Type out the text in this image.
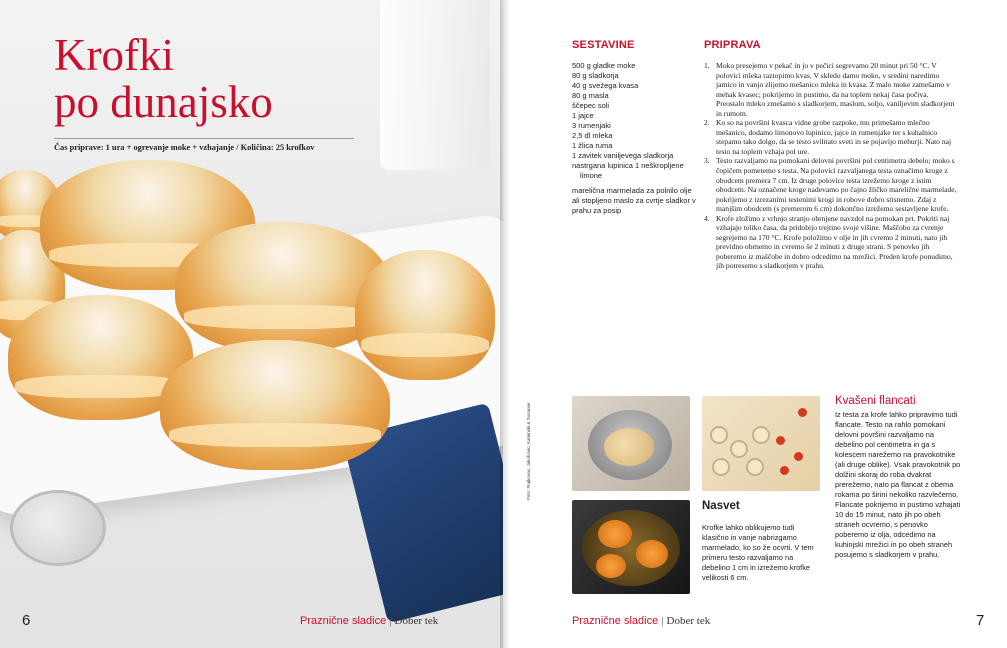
Krofki
po dunajsko
Čas priprave: 1 ura + ogrevanje moke + vzhajanje / Količina: 25 krofkov
6	Praznične sladice | Dober tek
SESTAVINE
500 g gladke moke
80 g sladkorja
40 g svežega kvasa
80 g masla
ščepec soli
1 jajce
3 rumenjaki
2,5 dl mleka
1 žlica ruma
1 zavitek vaniljevega sladkorja
nastrgana lupinica 1 neškropljene
limone

marelična marmelada za polnilo olje ali stopljeno maslo za cvrtje sladkor v prahu za posip

PRIPRAVA
1. Moko presejemo v pekač in jo v pečici segrevamo 20 minut pri 50 °C. V polovici mleka raztopimo kvas. V skledo damo moko, v sredini naredimo jamico in vanjo zlijemo mešanico mleka in kvasa. Z malo moke zamešamo v mehak kvasec; pokrijemo in pustimo, da na toplem nekaj časa počiva. Preostalo mleko zmešamo s sladkorjem, maslom, soljo, vaniljevim sladkorjem in rumom.
2. Ko so na površini kvasca vidne grobe razpoke, mu primešamo mlečno mešanico, dodamo limonovo lupinico, jajce in rumenjake ter s kuhalnico stepamo tako dolgo, da se testo svilnato sveti in se pojavijo mehurji. Nato naj testo na toplem vzhaja pol ure.
3. Testo razvaljamo na pomokani delovni površini pol centimetra debelo; moko s čopičem pometemo s testa. Na polovici razvaljanega testa označimo kroge z obodcem premera 7 cm. Iz druge polovice testa izrežemo kroge z istim obodcem. Na označene kroge nadevamo po čajno žličko marelične marmelade, pokrijemo z izrezanimi testenimi krogi in robove dobro stisnemo. Zdaj z manjšim obodcem (s premerom 6 cm) dokončno izrežemo sestavljene krofe.
4. Krofe zložimo z vrhnjo stranjo obrnjene navzdol na pomokan prt. Pokriti naj vzhajajo toliko časa, da pridobijo trejtino svoje višine. Maščobo za cvrenje segrejemo na 170 °C. Krofe položimo v olje in jih cvremo 2 minuti, nato jih previdno obrnemo in cvremo še 2 minuti z druge strani. S penovko jih poberemo iz maščobe in dobro odcedimo na mrežici. Preden krofe ponudimo, jih potresemo s sladkorjem v prahu.
Foto: Frajkovac, Jakobovic, Kaminski & Susanne
Nasvet

Krofke lahko oblikujemo tudi klasično in vanje nabrizgamo marmelado, ko so že ocvrti. V tem primeru testo razvaljamo na debelino 1 cm in izrežemo krofke velikosti 6 cm.

Kvašeni flancati

Iz testa za krofe lahko pripravimo tudi flancate. Testo na rahlo pomokani delovni površini razvaljamo na debelino pol centimetra in ga s kolescem narežemo na pravokotnike (ali druge oblike). Vsak pravokotnik po dolžini skoraj do roba dvakrat prerežemo, nato pa flancat z obema rokama po širini nekoliko razvlečemo. Flancate pokrijemo in pustimo vzhajati 10 do 15 minut, nato jih po obeh straneh ocvremo, s penovko poberemo iz olja, odcedimo na kuhinjski mrežici in po obeh straneh posujemo s sladkorjem v prahu.

Praznične sladice | Dober tek	7
